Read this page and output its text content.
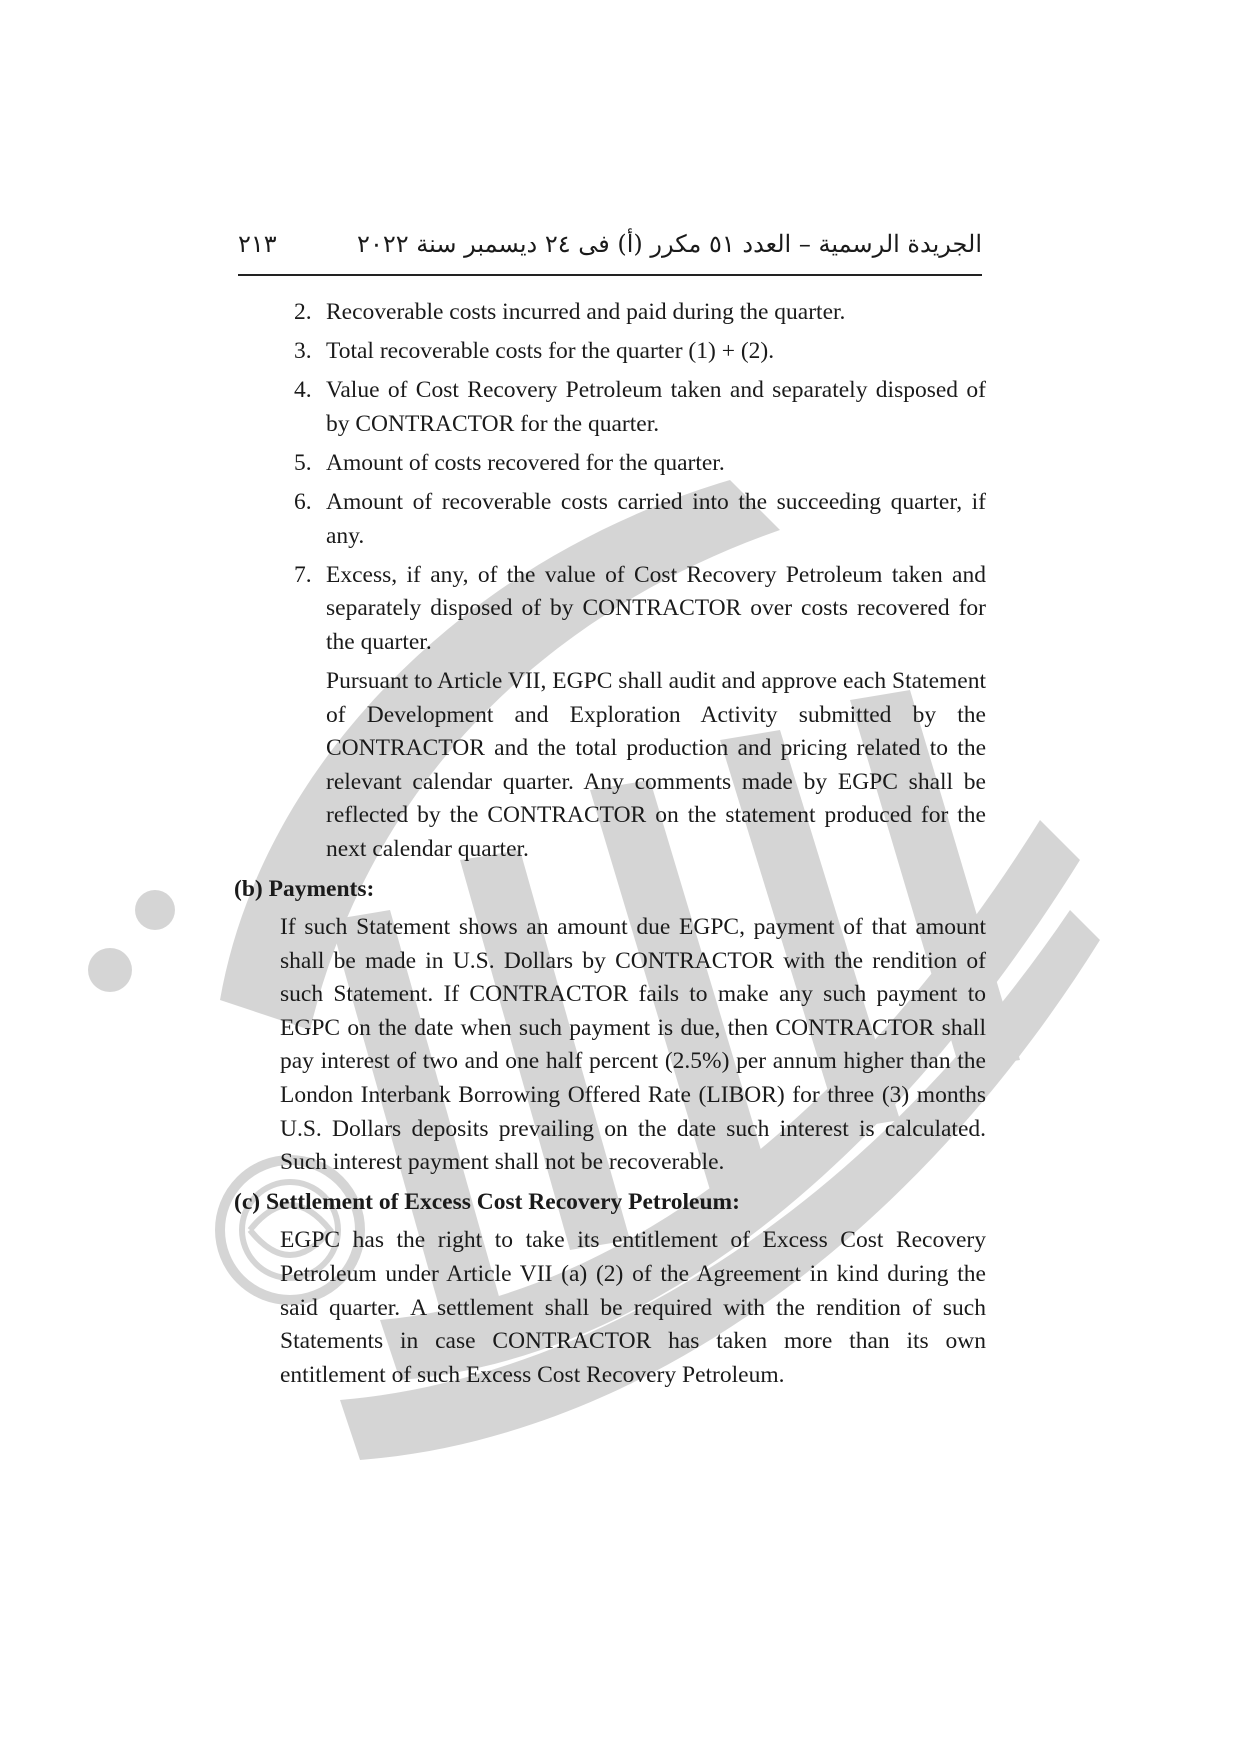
الجريدة الرسمية – العدد ٥١ مكرر (أ) فى ٢٤ ديسمبر سنة ٢٠٢٢
٢١٣
2. Recoverable costs incurred and paid during the quarter.
3. Total recoverable costs for the quarter (1) + (2).
4. Value of Cost Recovery Petroleum taken and separately disposed of by CONTRACTOR for the quarter.
5. Amount of costs recovered for the quarter.
6. Amount of recoverable costs carried into the succeeding quarter, if any.
7. Excess, if any, of the value of Cost Recovery Petroleum taken and separately disposed of by CONTRACTOR over costs recovered for the quarter.

Pursuant to Article VII, EGPC shall audit and approve each Statement of Development and Exploration Activity submitted by the CONTRACTOR and the total production and pricing related to the relevant calendar quarter. Any comments made by EGPC shall be reflected by the CONTRACTOR on the statement produced for the next calendar quarter.

(b) Payments:

If such Statement shows an amount due EGPC, payment of that amount shall be made in U.S. Dollars by CONTRACTOR with the rendition of such Statement. If CONTRACTOR fails to make any such payment to EGPC on the date when such payment is due, then CONTRACTOR shall pay interest of two and one half percent (2.5%) per annum higher than the London Interbank Borrowing Offered Rate (LIBOR) for three (3) months U.S. Dollars deposits prevailing on the date such interest is calculated. Such interest payment shall not be recoverable.

(c) Settlement of Excess Cost Recovery Petroleum:

EGPC has the right to take its entitlement of Excess Cost Recovery Petroleum under Article VII (a) (2) of the Agreement in kind during the said quarter. A settlement shall be required with the rendition of such Statements in case CONTRACTOR has taken more than its own entitlement of such Excess Cost Recovery Petroleum.
